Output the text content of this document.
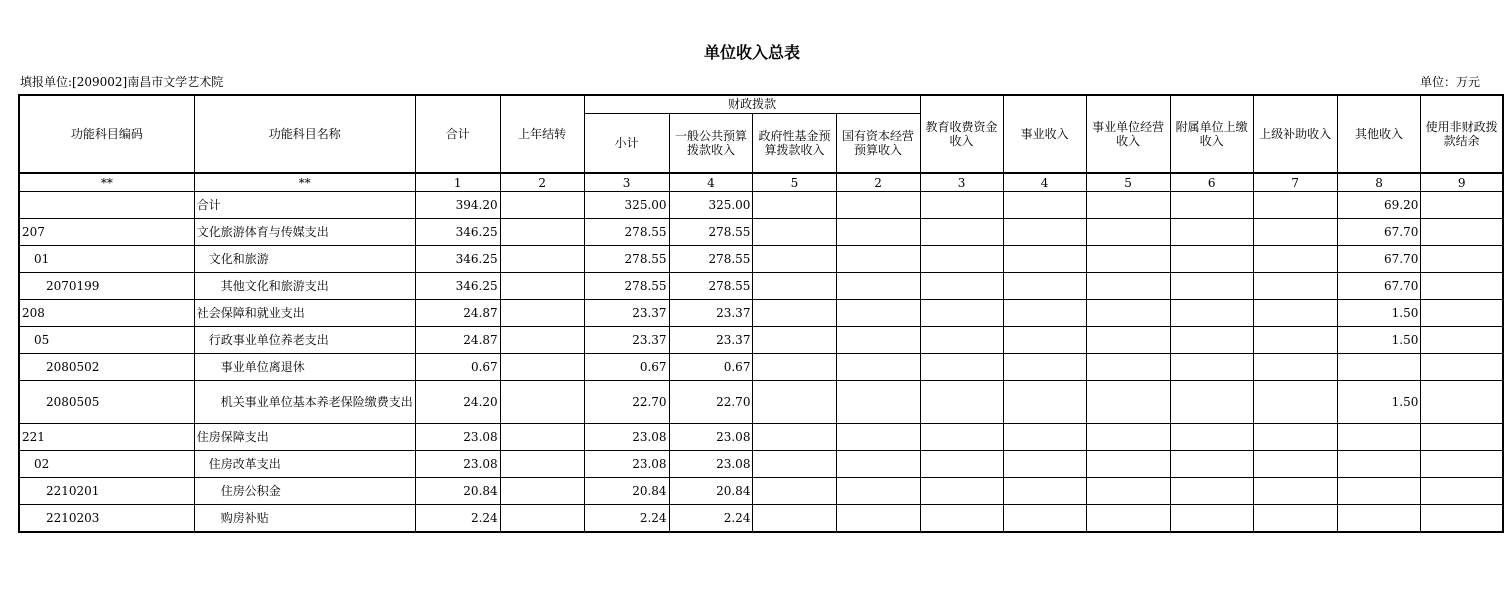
单位收入总表
填报单位:[209002]南昌市文学艺术院	单位：万元
功能科目编码	功能科目名称	合计	上年结转	财政拨款				教育收费资金收入	事业收入	事业单位经营收入	附属单位上缴收入	上级补助收入	其他收入	使用非财政拨款结余
				小计	一般公共预算拨款收入	政府性基金预算拨款收入	国有资本经营预算收入							
**	**	1	2	3	4	5	2	3	4	5	6	7	8	9
	合计	394.20		325.00	325.00								69.20	
207	文化旅游体育与传媒支出	346.25		278.55	278.55								67.70	
01	文化和旅游	346.25		278.55	278.55								67.70	
2070199	其他文化和旅游支出	346.25		278.55	278.55								67.70	
208	社会保障和就业支出	24.87		23.37	23.37								1.50	
05	行政事业单位养老支出	24.87		23.37	23.37								1.50	
2080502	事业单位离退休	0.67		0.67	0.67									
2080505	机关事业单位基本养老保险缴费支出	24.20		22.70	22.70								1.50	
221	住房保障支出	23.08		23.08	23.08									
02	住房改革支出	23.08		23.08	23.08									
2210201	住房公积金	20.84		20.84	20.84									
2210203	购房补贴	2.24		2.24	2.24									
